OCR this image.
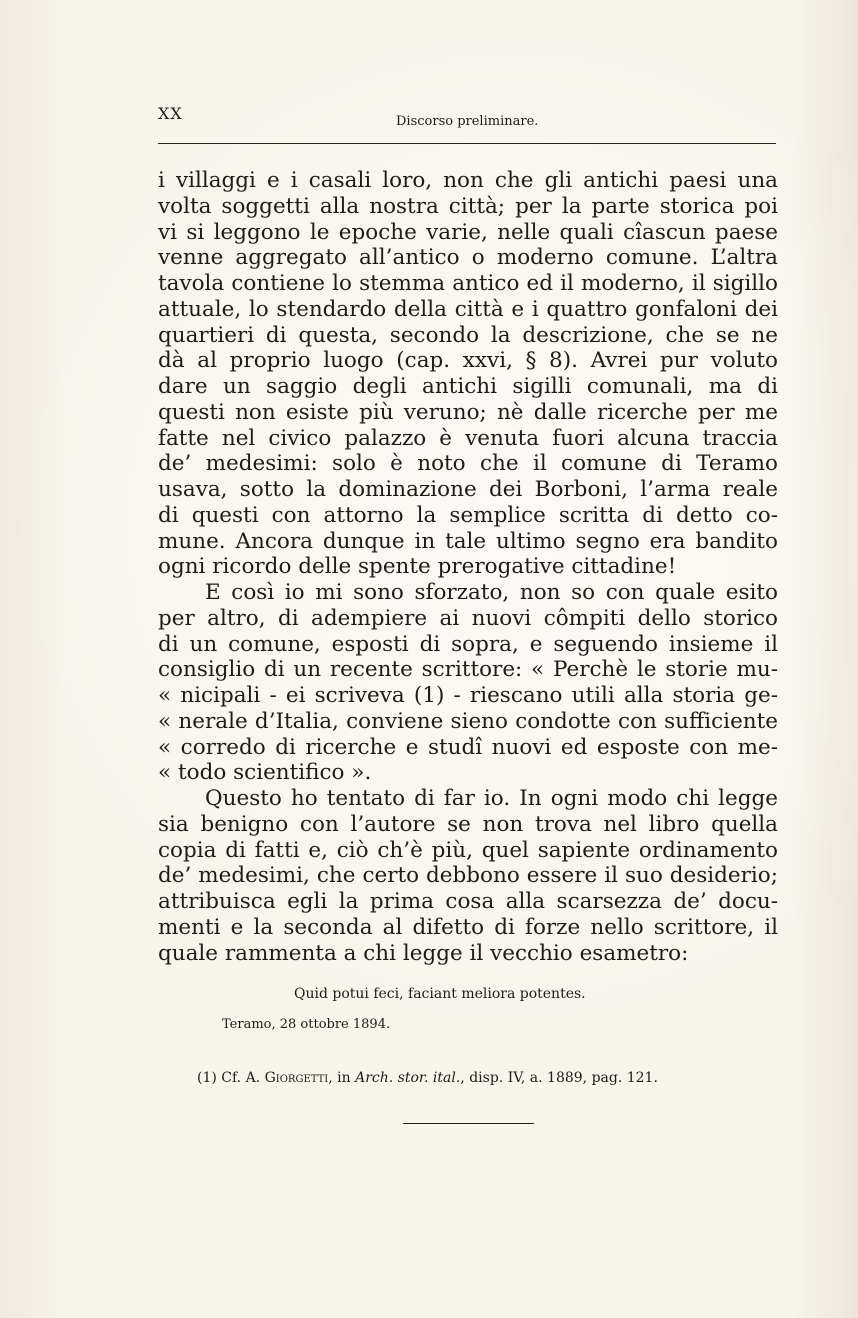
XX	Discorso preliminare.
i villaggi e i casali loro, non che gli antichi paesi una
volta soggetti alla nostra città; per la parte storica poi
vi si leggono le epoche varie, nelle quali cîascun paese
venne aggregato all’antico o moderno comune. L’altra
tavola contiene lo stemma antico ed il moderno, il sigillo
attuale, lo stendardo della città e i quattro gonfaloni dei
quartieri di questa, secondo la descrizione, che se ne
dà al proprio luogo (cap. xxvi, § 8). Avrei pur voluto
dare un saggio degli antichi sigilli comunali, ma di
questi non esiste più veruno; nè dalle ricerche per me
fatte nel civico palazzo è venuta fuori alcuna traccia
de’ medesimi: solo è noto che il comune di Teramo
usava, sotto la dominazione dei Borboni, l’arma reale
di questi con attorno la semplice scritta di detto co-
mune. Ancora dunque in tale ultimo segno era bandito
ogni ricordo delle spente prerogative cittadine!
E così io mi sono sforzato, non so con quale esito
per altro, di adempiere ai nuovi cômpiti dello storico
di un comune, esposti di sopra, e seguendo insieme il
consiglio di un recente scrittore: « Perchè le storie mu-
« nicipali - ei scriveva (1) - riescano utili alla storia ge-
« nerale d’Italia, conviene sieno condotte con sufficiente
« corredo di ricerche e studî nuovi ed esposte con me-
« todo scientifico ».
Questo ho tentato di far io. In ogni modo chi legge
sia benigno con l’autore se non trova nel libro quella
copia di fatti e, ciò ch’è più, quel sapiente ordinamento
de’ medesimi, che certo debbono essere il suo desiderio;
attribuisca egli la prima cosa alla scarsezza de’ docu-
menti e la seconda al difetto di forze nello scrittore, il
quale rammenta a chi legge il vecchio esametro:
Quid potui feci, faciant meliora potentes.
Teramo, 28 ottobre 1894.
(1) Cf. A. Giorgetti, in Arch. stor. ital., disp. IV, a. 1889, pag. 121.
